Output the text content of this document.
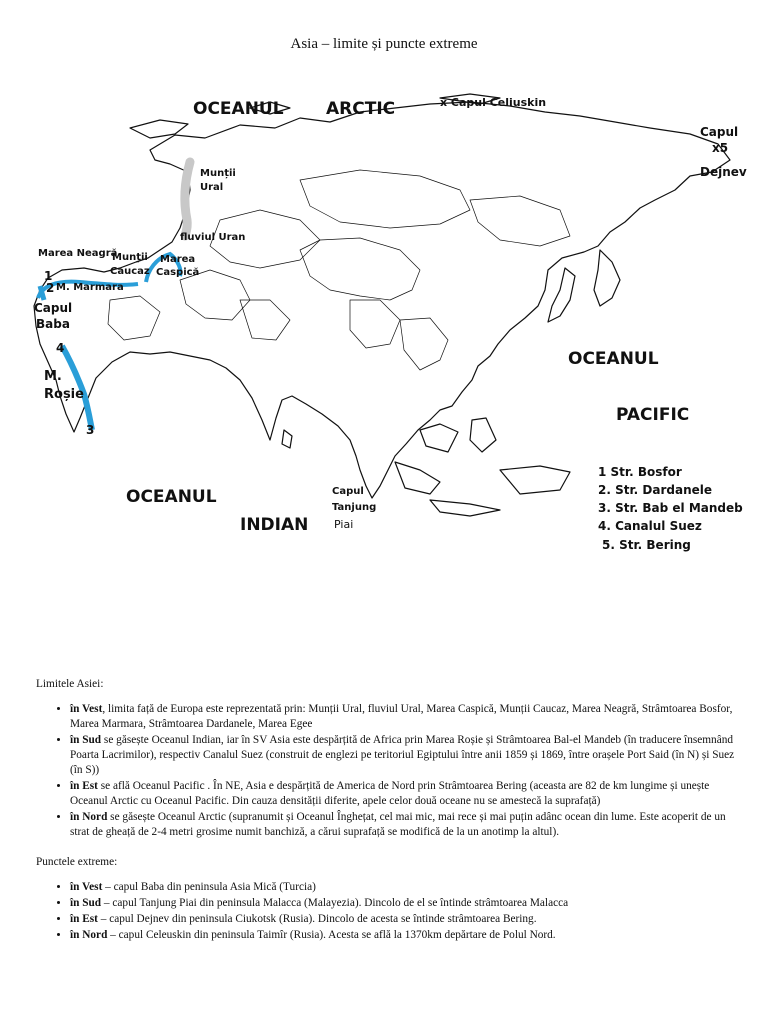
Asia – limite și puncte extreme
OCEANUL ARCTIC	x Capul Celiuskin
Capul
x5
Dejnev
Munții
Ural
fluviul Uran
Marea Neagră
Munții
Caucaz
Marea
Caspică
1
2 M. Marmara
Capul
Baba
4
M.
Roșie
3
OCEANUL
PACIFIC
OCEANUL
INDIAN
Capul
Tanjung
Piai
1 Str. Bosfor
2. Str. Dardanele
3. Str. Bab el Mandeb
4. Canalul Suez
5. Str. Bering
Limitele Asiei:
• în Vest, limita față de Europa este reprezentată prin: Munții Ural, fluviul Ural, Marea Caspică, Munții Caucaz, Marea Neagră, Strâmtoarea Bosfor, Marea Marmara, Strâmtoarea Dardanele, Marea Egee
• în Sud se găsește Oceanul Indian, iar în SV Asia este despărțită de Africa prin Marea Roșie și Strâmtoarea Bal-el Mandeb (în traducere însemnând Poarta Lacrimilor), respectiv Canalul Suez (construit de englezi pe teritoriul Egiptului între anii 1859 și 1869, între orașele Port Said (în N) și Suez (în S))
• în Est se află Oceanul Pacific . În NE, Asia e despărțită de America de Nord prin Strâmtoarea Bering (aceasta are 82 de km lungime și unește Oceanul Arctic cu Oceanul Pacific. Din cauza densității diferite, apele celor două oceane nu se amestecă la suprafață)
• în Nord se găsește Oceanul Arctic (supranumit și Oceanul Înghețat, cel mai mic, mai rece și mai puțin adânc ocean din lume. Este acoperit de un strat de gheață de 2-4 metri grosime numit banchiză, a cărui suprafață se modifică de la un anotimp la altul).
Punctele extreme:
• în Vest – capul Baba din peninsula Asia Mică (Turcia)
• în Sud – capul Tanjung Piai din peninsula Malacca (Malayezia). Dincolo de el se întinde strâmtoarea Malacca
• în Est – capul Dejnev din peninsula Ciukotsk (Rusia). Dincolo de acesta se întinde strâmtoarea Bering.
• în Nord – capul Celeuskin din peninsula Taimîr (Rusia). Acesta se află la 1370km depărtare de Polul Nord.
